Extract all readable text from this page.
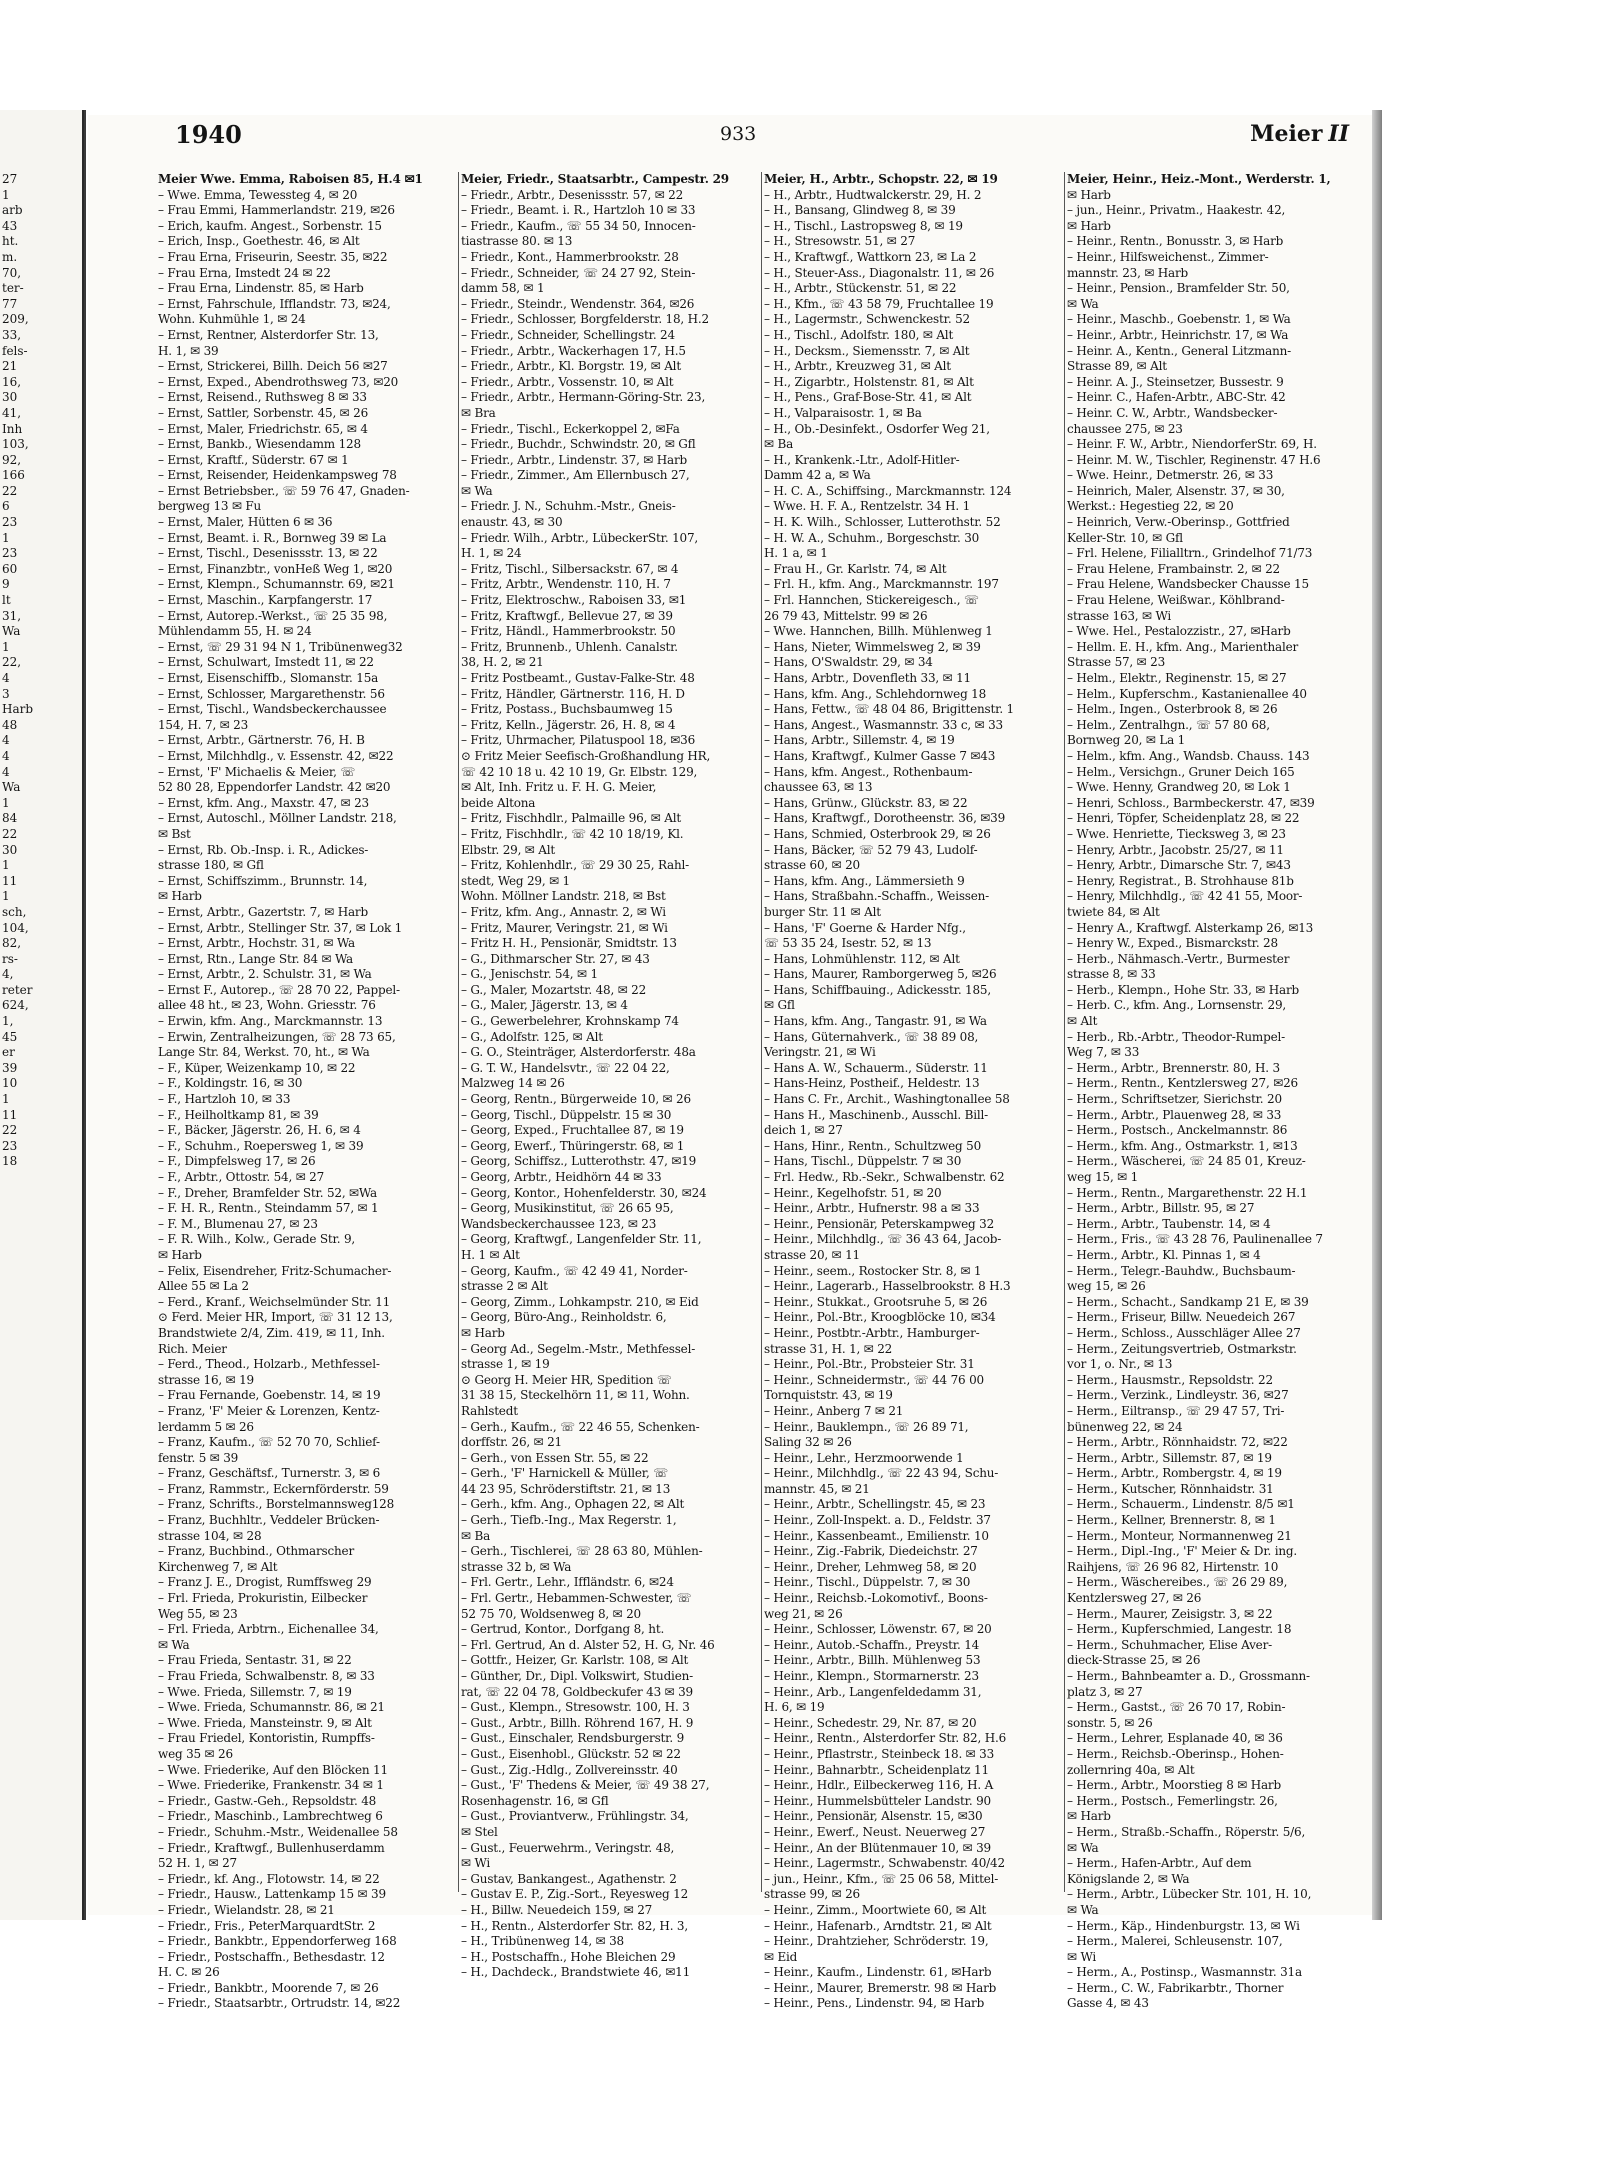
27
1
arb
43
ht.
m.
70,
ter-
77
209,
33,
fels-
21
16,
30
41,
Inh
103,
92,
166
22
6
23
1
23
60
9
lt
31,
Wa
1
22,
4
3
Harb
48
4
4
4
Wa
1
84
22
30
1
11
1
sch,
104,
82,
rs-
4,
reter
624,
1,
45
er
39
10
1
11
22
23
18
1940	933	Meier II
Meier Wwe. Emma, Raboisen 85, H.4 ✉1
– Wwe. Emma, Tewessteg 4, ✉ 20
– Frau Emmi, Hammerlandstr. 219, ✉26
– Erich, kaufm. Angest., Sorbenstr. 15
– Erich, Insp., Goethestr. 46, ✉ Alt
– Frau Erna, Friseurin, Seestr. 35, ✉22
– Frau Erna, Imstedt 24 ✉ 22
– Frau Erna, Lindenstr. 85, ✉ Harb
– Ernst, Fahrschule, Ifflandstr. 73, ✉24,
Wohn. Kuhmühle 1, ✉ 24
– Ernst, Rentner, Alsterdorfer Str. 13,
H. 1, ✉ 39
– Ernst, Strickerei, Billh. Deich 56 ✉27
– Ernst, Exped., Abendrothsweg 73, ✉20
– Ernst, Reisend., Ruthsweg 8 ✉ 33
– Ernst, Sattler, Sorbenstr. 45, ✉ 26
– Ernst, Maler, Friedrichstr. 65, ✉ 4
– Ernst, Bankb., Wiesendamm 128
– Ernst, Kraftf., Süderstr. 67 ✉ 1
– Ernst, Reisender, Heidenkampsweg 78
– Ernst Betriebsber., ☏ 59 76 47, Gnaden-
bergweg 13 ✉ Fu
– Ernst, Maler, Hütten 6 ✉ 36
– Ernst, Beamt. i. R., Bornweg 39 ✉ La
– Ernst, Tischl., Desenissstr. 13, ✉ 22
– Ernst, Finanzbtr., vonHeß Weg 1, ✉20
– Ernst, Klempn., Schumannstr. 69, ✉21
– Ernst, Maschin., Karpfangerstr. 17
– Ernst, Autorep.-Werkst., ☏ 25 35 98,
Mühlendamm 55, H. ✉ 24
– Ernst, ☏ 29 31 94 N 1, Tribünenweg32
– Ernst, Schulwart, Imstedt 11, ✉ 22
– Ernst, Eisenschiffb., Slomanstr. 15a
– Ernst, Schlosser, Margarethenstr. 56
– Ernst, Tischl., Wandsbeckerchaussee
154, H. 7, ✉ 23
– Ernst, Arbtr., Gärtnerstr. 76, H. B
– Ernst, Milchhdlg., v. Essenstr. 42, ✉22
– Ernst, 'F' Michaelis & Meier, ☏
52 80 28, Eppendorfer Landstr. 42 ✉20
– Ernst, kfm. Ang., Maxstr. 47, ✉ 23
– Ernst, Autoschl., Möllner Landstr. 218,
✉ Bst
– Ernst, Rb. Ob.-Insp. i. R., Adickes-
strasse 180, ✉ Gfl
– Ernst, Schiffszimm., Brunnstr. 14,
✉ Harb
– Ernst, Arbtr., Gazertstr. 7, ✉ Harb
– Ernst, Arbtr., Stellinger Str. 37, ✉ Lok 1
– Ernst, Arbtr., Hochstr. 31, ✉ Wa
– Ernst, Rtn., Lange Str. 84 ✉ Wa
– Ernst, Arbtr., 2. Schulstr. 31, ✉ Wa
– Ernst F., Autorep., ☏ 28 70 22, Pappel-
allee 48 ht., ✉ 23, Wohn. Griesstr. 76
– Erwin, kfm. Ang., Marckmannstr. 13
– Erwin, Zentralheizungen, ☏ 28 73 65,
Lange Str. 84, Werkst. 70, ht., ✉ Wa
– F., Küper, Weizenkamp 10, ✉ 22
– F., Koldingstr. 16, ✉ 30
– F., Hartzloh 10, ✉ 33
– F., Heilholtkamp 81, ✉ 39
– F., Bäcker, Jägerstr. 26, H. 6, ✉ 4
– F., Schuhm., Roepersweg 1, ✉ 39
– F., Dimpfelsweg 17, ✉ 26
– F., Arbtr., Ottostr. 54, ✉ 27
– F., Dreher, Bramfelder Str. 52, ✉Wa
– F. H. R., Rentn., Steindamm 57, ✉ 1
– F. M., Blumenau 27, ✉ 23
– F. R. Wilh., Kolw., Gerade Str. 9,
✉ Harb
– Felix, Eisendreher, Fritz-Schumacher-
Allee 55 ✉ La 2
– Ferd., Kranf., Weichselmünder Str. 11
⊙ Ferd. Meier HR, Import, ☏ 31 12 13,
Brandstwiete 2/4, Zim. 419, ✉ 11, Inh.
Rich. Meier
– Ferd., Theod., Holzarb., Methfessel-
strasse 16, ✉ 19
– Frau Fernande, Goebenstr. 14, ✉ 19
– Franz, 'F' Meier & Lorenzen, Kentz-
lerdamm 5 ✉ 26
– Franz, Kaufm., ☏ 52 70 70, Schlief-
fenstr. 5 ✉ 39
– Franz, Geschäftsf., Turnerstr. 3, ✉ 6
– Franz, Rammstr., Eckernförderstr. 59
– Franz, Schrifts., Borstelmannsweg128
– Franz, Buchhltr., Veddeler Brücken-
strasse 104, ✉ 28
– Franz, Buchbind., Othmarscher
Kirchenweg 7, ✉ Alt
– Franz J. E., Drogist, Rumffsweg 29
– Frl. Frieda, Prokuristin, Eilbecker
Weg 55, ✉ 23
– Frl. Frieda, Arbtrn., Eichenallee 34,
✉ Wa
– Frau Frieda, Sentastr. 31, ✉ 22
– Frau Frieda, Schwalbenstr. 8, ✉ 33
– Wwe. Frieda, Sillemstr. 7, ✉ 19
– Wwe. Frieda, Schumannstr. 86, ✉ 21
– Wwe. Frieda, Mansteinstr. 9, ✉ Alt
– Frau Friedel, Kontoristin, Rumpffs-
weg 35 ✉ 26
– Wwe. Friederike, Auf den Blöcken 11
– Wwe. Friederike, Frankenstr. 34 ✉ 1
– Friedr., Gastw.-Geh., Repsoldstr. 48
– Friedr., Maschinb., Lambrechtweg 6
– Friedr., Schuhm.-Mstr., Weidenallee 58
– Friedr., Kraftwgf., Bullenhuserdamm
52 H. 1, ✉ 27
– Friedr., kf. Ang., Flotowstr. 14, ✉ 22
– Friedr., Hausw., Lattenkamp 15 ✉ 39
– Friedr., Wielandstr. 28, ✉ 21
– Friedr., Fris., PeterMarquardtStr. 2
– Friedr., Bankbtr., Eppendorferweg 168
– Friedr., Postschaffn., Bethesdastr. 12
H. C. ✉ 26
– Friedr., Bankbtr., Moorende 7, ✉ 26
– Friedr., Staatsarbtr., Ortrudstr. 14, ✉22
Meier, Friedr., Staatsarbtr., Campestr. 29
– Friedr., Arbtr., Desenissstr. 57, ✉ 22
– Friedr., Beamt. i. R., Hartzloh 10 ✉ 33
– Friedr., Kaufm., ☏ 55 34 50, Innocen-
tiastrasse 80. ✉ 13
– Friedr., Kont., Hammerbrookstr. 28
– Friedr., Schneider, ☏ 24 27 92, Stein-
damm 58, ✉ 1
– Friedr., Steindr., Wendenstr. 364, ✉26
– Friedr., Schlosser, Borgfelderstr. 18, H.2
– Friedr., Schneider, Schellingstr. 24
– Friedr., Arbtr., Wackerhagen 17, H.5
– Friedr., Arbtr., Kl. Borgstr. 19, ✉ Alt
– Friedr., Arbtr., Vossenstr. 10, ✉ Alt
– Friedr., Arbtr., Hermann-Göring-Str. 23,
✉ Bra
– Friedr., Tischl., Eckerkoppel 2, ✉Fa
– Friedr., Buchdr., Schwindstr. 20, ✉ Gfl
– Friedr., Arbtr., Lindenstr. 37, ✉ Harb
– Friedr., Zimmer., Am Ellernbusch 27,
✉ Wa
– Friedr. J. N., Schuhm.-Mstr., Gneis-
enaustr. 43, ✉ 30
– Friedr. Wilh., Arbtr., LübeckerStr. 107,
H. 1, ✉ 24
– Fritz, Tischl., Silbersackstr. 67, ✉ 4
– Fritz, Arbtr., Wendenstr. 110, H. 7
– Fritz, Elektroschw., Raboisen 33, ✉1
– Fritz, Kraftwgf., Bellevue 27, ✉ 39
– Fritz, Händl., Hammerbrookstr. 50
– Fritz, Brunnenb., Uhlenh. Canalstr.
38, H. 2, ✉ 21
– Fritz Postbeamt., Gustav-Falke-Str. 48
– Fritz, Händler, Gärtnerstr. 116, H. D
– Fritz, Postass., Buchsbaumweg 15
– Fritz, Kelln., Jägerstr. 26, H. 8, ✉ 4
– Fritz, Uhrmacher, Pilatuspool 18, ✉36
⊙ Fritz Meier Seefisch-Großhandlung HR,
☏ 42 10 18 u. 42 10 19, Gr. Elbstr. 129,
✉ Alt, Inh. Fritz u. F. H. G. Meier,
beide Altona
– Fritz, Fischhdlr., Palmaille 96, ✉ Alt
– Fritz, Fischhdlr., ☏ 42 10 18/19, Kl.
Elbstr. 29, ✉ Alt
– Fritz, Kohlenhdlr., ☏ 29 30 25, Rahl-
stedt, Weg 29, ✉ 1
Wohn. Möllner Landstr. 218, ✉ Bst
– Fritz, kfm. Ang., Annastr. 2, ✉ Wi
– Fritz, Maurer, Veringstr. 21, ✉ Wi
– Fritz H. H., Pensionär, Smidtstr. 13
– G., Dithmarscher Str. 27, ✉ 43
– G., Jenischstr. 54, ✉ 1
– G., Maler, Mozartstr. 48, ✉ 22
– G., Maler, Jägerstr. 13, ✉ 4
– G., Gewerbelehrer, Krohnskamp 74
– G., Adolfstr. 125, ✉ Alt
– G. O., Steinträger, Alsterdorferstr. 48a
– G. T. W., Handelsvtr., ☏ 22 04 22,
Malzweg 14 ✉ 26
– Georg, Rentn., Bürgerweide 10, ✉ 26
– Georg, Tischl., Düppelstr. 15 ✉ 30
– Georg, Exped., Fruchtallee 87, ✉ 19
– Georg, Ewerf., Thüringerstr. 68, ✉ 1
– Georg, Schiffsz., Lutterothstr. 47, ✉19
– Georg, Arbtr., Heidhörn 44 ✉ 33
– Georg, Kontor., Hohenfelderstr. 30, ✉24
– Georg, Musikinstitut, ☏ 26 65 95,
Wandsbeckerchaussee 123, ✉ 23
– Georg, Kraftwgf., Langenfelder Str. 11,
H. 1 ✉ Alt
– Georg, Kaufm., ☏ 42 49 41, Norder-
strasse 2 ✉ Alt
– Georg, Zimm., Lohkampstr. 210, ✉ Eid
– Georg, Büro-Ang., Reinholdstr. 6,
✉ Harb
– Georg Ad., Segelm.-Mstr., Methfessel-
strasse 1, ✉ 19
⊙ Georg H. Meier HR, Spedition ☏
31 38 15, Steckelhörn 11, ✉ 11, Wohn.
Rahlstedt
– Gerh., Kaufm., ☏ 22 46 55, Schenken-
dorffstr. 26, ✉ 21
– Gerh., von Essen Str. 55, ✉ 22
– Gerh., 'F' Harnickell & Müller, ☏
44 23 95, Schröderstiftstr. 21, ✉ 13
– Gerh., kfm. Ang., Ophagen 22, ✉ Alt
– Gerh., Tiefb.-Ing., Max Regerstr. 1,
✉ Ba
– Gerh., Tischlerei, ☏ 28 63 80, Mühlen-
strasse 32 b, ✉ Wa
– Frl. Gertr., Lehr., Iffländstr. 6, ✉24
– Frl. Gertr., Hebammen-Schwester, ☏
52 75 70, Woldsenweg 8, ✉ 20
– Gertrud, Kontor., Dorfgang 8, ht.
– Frl. Gertrud, An d. Alster 52, H. G, Nr. 46
– Gottfr., Heizer, Gr. Karlstr. 108, ✉ Alt
– Günther, Dr., Dipl. Volkswirt, Studien-
rat, ☏ 22 04 78, Goldbeckufer 43 ✉ 39
– Gust., Klempn., Stresowstr. 100, H. 3
– Gust., Arbtr., Billh. Röhrend 167, H. 9
– Gust., Einschaler, Rendsburgerstr. 9
– Gust., Eisenhobl., Glückstr. 52 ✉ 22
– Gust., Zig.-Hdlg., Zollvereinsstr. 40
– Gust., 'F' Thedens & Meier, ☏ 49 38 27,
Rosenhagenstr. 16, ✉ Gfl
– Gust., Proviantverw., Frühlingstr. 34,
✉ Stel
– Gust., Feuerwehrm., Veringstr. 48,
✉ Wi
– Gustav, Bankangest., Agathenstr. 2
– Gustav E. P., Zig.-Sort., Reyesweg 12
– H., Billw. Neuedeich 159, ✉ 27
– H., Rentn., Alsterdorfer Str. 82, H. 3,
– H., Tribünenweg 14, ✉ 38
– H., Postschaffn., Hohe Bleichen 29
– H., Dachdeck., Brandstwiete 46, ✉11
Meier, H., Arbtr., Schopstr. 22, ✉ 19
– H., Arbtr., Hudtwalckerstr. 29, H. 2
– H., Bansang, Glindweg 8, ✉ 39
– H., Tischl., Lastropsweg 8, ✉ 19
– H., Stresowstr. 51, ✉ 27
– H., Kraftwgf., Wattkorn 23, ✉ La 2
– H., Steuer-Ass., Diagonalstr. 11, ✉ 26
– H., Arbtr., Stückenstr. 51, ✉ 22
– H., Kfm., ☏ 43 58 79, Fruchtallee 19
– H., Lagermstr., Schwenckestr. 52
– H., Tischl., Adolfstr. 180, ✉ Alt
– H., Decksm., Siemensstr. 7, ✉ Alt
– H., Arbtr., Kreuzweg 31, ✉ Alt
– H., Zigarbtr., Holstenstr. 81, ✉ Alt
– H., Pens., Graf-Bose-Str. 41, ✉ Alt
– H., Valparaisostr. 1, ✉ Ba
– H., Ob.-Desinfekt., Osdorfer Weg 21,
✉ Ba
– H., Krankenk.-Ltr., Adolf-Hitler-
Damm 42 a, ✉ Wa
– H. C. A., Schiffsing., Marckmannstr. 124
– Wwe. H. F. A., Rentzelstr. 34 H. 1
– H. K. Wilh., Schlosser, Lutterothstr. 52
– H. W. A., Schuhm., Borgeschstr. 30
H. 1 a, ✉ 1
– Frau H., Gr. Karlstr. 74, ✉ Alt
– Frl. H., kfm. Ang., Marckmannstr. 197
– Frl. Hannchen, Stickereigesch., ☏
26 79 43, Mittelstr. 99 ✉ 26
– Wwe. Hannchen, Billh. Mühlenweg 1
– Hans, Nieter, Wimmelsweg 2, ✉ 39
– Hans, O'Swaldstr. 29, ✉ 34
– Hans, Arbtr., Dovenfleth 33, ✉ 11
– Hans, kfm. Ang., Schlehdornweg 18
– Hans, Fettw., ☏ 48 04 86, Brigittenstr. 1
– Hans, Angest., Wasmannstr. 33 c, ✉ 33
– Hans, Arbtr., Sillemstr. 4, ✉ 19
– Hans, Kraftwgf., Kulmer Gasse 7 ✉43
– Hans, kfm. Angest., Rothenbaum-
chaussee 63, ✉ 13
– Hans, Grünw., Glückstr. 83, ✉ 22
– Hans, Kraftwgf., Dorotheenstr. 36, ✉39
– Hans, Schmied, Osterbrook 29, ✉ 26
– Hans, Bäcker, ☏ 52 79 43, Ludolf-
strasse 60, ✉ 20
– Hans, kfm. Ang., Lämmersieth 9
– Hans, Straßbahn.-Schaffn., Weissen-
burger Str. 11 ✉ Alt
– Hans, 'F' Goerne & Harder Nfg.,
☏ 53 35 24, Isestr. 52, ✉ 13
– Hans, Lohmühlenstr. 112, ✉ Alt
– Hans, Maurer, Ramborgerweg 5, ✉26
– Hans, Schiffbauing., Adickesstr. 185,
✉ Gfl
– Hans, kfm. Ang., Tangastr. 91, ✉ Wa
– Hans, Güternahverk., ☏ 38 89 08,
Veringstr. 21, ✉ Wi
– Hans A. W., Schauerm., Süderstr. 11
– Hans-Heinz, Postheif., Heldestr. 13
– Hans C. Fr., Archit., Washingtonallee 58
– Hans H., Maschinenb., Ausschl. Bill-
deich 1, ✉ 27
– Hans, Hinr., Rentn., Schultzweg 50
– Hans, Tischl., Düppelstr. 7 ✉ 30
– Frl. Hedw., Rb.-Sekr., Schwalbenstr. 62
– Heinr., Kegelhofstr. 51, ✉ 20
– Heinr., Arbtr., Hufnerstr. 98 a ✉ 33
– Heinr., Pensionär, Peterskampweg 32
– Heinr., Milchhdlg., ☏ 36 43 64, Jacob-
strasse 20, ✉ 11
– Heinr., seem., Rostocker Str. 8, ✉ 1
– Heinr., Lagerarb., Hasselbrookstr. 8 H.3
– Heinr., Stukkat., Grootsruhe 5, ✉ 26
– Heinr., Pol.-Btr., Kroogblöcke 10, ✉34
– Heinr., Postbtr.-Arbtr., Hamburger-
strasse 31, H. 1, ✉ 22
– Heinr., Pol.-Btr., Probsteier Str. 31
– Heinr., Schneidermstr., ☏ 44 76 00
Tornquiststr. 43, ✉ 19
– Heinr., Anberg 7 ✉ 21
– Heinr., Bauklempn., ☏ 26 89 71,
Saling 32 ✉ 26
– Heinr., Lehr., Herzmoorwende 1
– Heinr., Milchhdlg., ☏ 22 43 94, Schu-
mannstr. 45, ✉ 21
– Heinr., Arbtr., Schellingstr. 45, ✉ 23
– Heinr., Zoll-Inspekt. a. D., Feldstr. 37
– Heinr., Kassenbeamt., Emilienstr. 10
– Heinr., Zig.-Fabrik, Diedeichstr. 27
– Heinr., Dreher, Lehmweg 58, ✉ 20
– Heinr., Tischl., Düppelstr. 7, ✉ 30
– Heinr., Reichsb.-Lokomotivf., Boons-
weg 21, ✉ 26
– Heinr., Schlosser, Löwenstr. 67, ✉ 20
– Heinr., Autob.-Schaffn., Preystr. 14
– Heinr., Arbtr., Billh. Mühlenweg 53
– Heinr., Klempn., Stormarnerstr. 23
– Heinr., Arb., Langenfeldedamm 31,
H. 6, ✉ 19
– Heinr., Schedestr. 29, Nr. 87, ✉ 20
– Heinr., Rentn., Alsterdorfer Str. 82, H.6
– Heinr., Pflastrstr., Steinbeck 18. ✉ 33
– Heinr., Bahnarbtr., Scheidenplatz 11
– Heinr., Hdlr., Eilbeckerweg 116, H. A
– Heinr., Hummelsbütteler Landstr. 90
– Heinr., Pensionär, Alsenstr. 15, ✉30
– Heinr., Ewerf., Neust. Neuerweg 27
– Heinr., An der Blütenmauer 10, ✉ 39
– Heinr., Lagermstr., Schwabenstr. 40/42
– jun., Heinr., Kfm., ☏ 25 06 58, Mittel-
strasse 99, ✉ 26
– Heinr., Zimm., Moortwiete 60, ✉ Alt
– Heinr., Hafenarb., Arndtstr. 21, ✉ Alt
– Heinr., Drahtzieher, Schröderstr. 19,
✉ Eid
– Heinr., Kaufm., Lindenstr. 61, ✉Harb
– Heinr., Maurer, Bremerstr. 98 ✉ Harb
– Heinr., Pens., Lindenstr. 94, ✉ Harb
Meier, Heinr., Heiz.-Mont., Werderstr. 1,
✉ Harb
– jun., Heinr., Privatm., Haakestr. 42,
✉ Harb
– Heinr., Rentn., Bonusstr. 3, ✉ Harb
– Heinr., Hilfsweichenst., Zimmer-
mannstr. 23, ✉ Harb
– Heinr., Pension., Bramfelder Str. 50,
✉ Wa
– Heinr., Maschb., Goebenstr. 1, ✉ Wa
– Heinr., Arbtr., Heinrichstr. 17, ✉ Wa
– Heinr. A., Kentn., General Litzmann-
Strasse 89, ✉ Alt
– Heinr. A. J., Steinsetzer, Bussestr. 9
– Heinr. C., Hafen-Arbtr., ABC-Str. 42
– Heinr. C. W., Arbtr., Wandsbecker-
chaussee 275, ✉ 23
– Heinr. F. W., Arbtr., NiendorferStr. 69, H.
– Heinr. M. W., Tischler, Reginenstr. 47 H.6
– Wwe. Heinr., Detmerstr. 26, ✉ 33
– Heinrich, Maler, Alsenstr. 37, ✉ 30,
Werkst.: Hegestieg 22, ✉ 20
– Heinrich, Verw.-Oberinsp., Gottfried
Keller-Str. 10, ✉ Gfl
– Frl. Helene, Filialltrn., Grindelhof 71/73
– Frau Helene, Frambainstr. 2, ✉ 22
– Frau Helene, Wandsbecker Chausse 15
– Frau Helene, Weißwar., Köhlbrand-
strasse 163, ✉ Wi
– Wwe. Hel., Pestalozzistr., 27, ✉Harb
– Hellm. E. H., kfm. Ang., Marienthaler
Strasse 57, ✉ 23
– Helm., Elektr., Reginenstr. 15, ✉ 27
– Helm., Kupferschm., Kastanienallee 40
– Helm., Ingen., Osterbrook 8, ✉ 26
– Helm., Zentralhgn., ☏ 57 80 68,
Bornweg 20, ✉ La 1
– Helm., kfm. Ang., Wandsb. Chauss. 143
– Helm., Versichgn., Gruner Deich 165
– Wwe. Henny, Grandweg 20, ✉ Lok 1
– Henri, Schloss., Barmbeckerstr. 47, ✉39
– Henri, Töpfer, Scheidenplatz 28, ✉ 22
– Wwe. Henriette, Tiecksweg 3, ✉ 23
– Henry, Arbtr., Jacobstr. 25/27, ✉ 11
– Henry, Arbtr., Dimarsche Str. 7, ✉43
– Henry, Registrat., B. Strohhause 81b
– Henry, Milchhdlg., ☏ 42 41 55, Moor-
twiete 84, ✉ Alt
– Henry A., Kraftwgf. Alsterkamp 26, ✉13
– Henry W., Exped., Bismarckstr. 28
– Herb., Nähmasch.-Vertr., Burmester
strasse 8, ✉ 33
– Herb., Klempn., Hohe Str. 33, ✉ Harb
– Herb. C., kfm. Ang., Lornsenstr. 29,
✉ Alt
– Herb., Rb.-Arbtr., Theodor-Rumpel-
Weg 7, ✉ 33
– Herm., Arbtr., Brennerstr. 80, H. 3
– Herm., Rentn., Kentzlersweg 27, ✉26
– Herm., Schriftsetzer, Sierichstr. 20
– Herm., Arbtr., Plauenweg 28, ✉ 33
– Herm., Postsch., Anckelmannstr. 86
– Herm., kfm. Ang., Ostmarkstr. 1, ✉13
– Herm., Wäscherei, ☏ 24 85 01, Kreuz-
weg 15, ✉ 1
– Herm., Rentn., Margarethenstr. 22 H.1
– Herm., Arbtr., Billstr. 95, ✉ 27
– Herm., Arbtr., Taubenstr. 14, ✉ 4
– Herm., Fris., ☏ 43 28 76, Paulinenallee 7
– Herm., Arbtr., Kl. Pinnas 1, ✉ 4
– Herm., Telegr.-Bauhdw., Buchsbaum-
weg 15, ✉ 26
– Herm., Schacht., Sandkamp 21 E, ✉ 39
– Herm., Friseur, Billw. Neuedeich 267
– Herm., Schloss., Ausschläger Allee 27
– Herm., Zeitungsvertrieb, Ostmarkstr.
vor 1, o. Nr., ✉ 13
– Herm., Hausmstr., Repsoldstr. 22
– Herm., Verzink., Lindleystr. 36, ✉27
– Herm., Eiltransp., ☏ 29 47 57, Tri-
bünenweg 22, ✉ 24
– Herm., Arbtr., Rönnhaidstr. 72, ✉22
– Herm., Arbtr., Sillemstr. 87, ✉ 19
– Herm., Arbtr., Rombergstr. 4, ✉ 19
– Herm., Kutscher, Rönnhaidstr. 31
– Herm., Schauerm., Lindenstr. 8/5 ✉1
– Herm., Kellner, Brennerstr. 8, ✉ 1
– Herm., Monteur, Normannenweg 21
– Herm., Dipl.-Ing., 'F' Meier & Dr. ing.
Raihjens, ☏ 26 96 82, Hirtenstr. 10
– Herm., Wäschereibes., ☏ 26 29 89,
Kentzlersweg 27, ✉ 26
– Herm., Maurer, Zeisigstr. 3, ✉ 22
– Herm., Kupferschmied, Langestr. 18
– Herm., Schuhmacher, Elise Aver-
dieck-Strasse 25, ✉ 26
– Herm., Bahnbeamter a. D., Grossmann-
platz 3, ✉ 27
– Herm., Gastst., ☏ 26 70 17, Robin-
sonstr. 5, ✉ 26
– Herm., Lehrer, Esplanade 40, ✉ 36
– Herm., Reichsb.-Oberinsp., Hohen-
zollernring 40a, ✉ Alt
– Herm., Arbtr., Moorstieg 8 ✉ Harb
– Herm., Postsch., Femerlingstr. 26,
✉ Harb
– Herm., Straßb.-Schaffn., Röperstr. 5/6,
✉ Wa
– Herm., Hafen-Arbtr., Auf dem
Königslande 2, ✉ Wa
– Herm., Arbtr., Lübecker Str. 101, H. 10,
✉ Wa
– Herm., Käp., Hindenburgstr. 13, ✉ Wi
– Herm., Malerei, Schleusenstr. 107,
✉ Wi
– Herm., A., Postinsp., Wasmannstr. 31a
– Herm., C. W., Fabrikarbtr., Thorner
Gasse 4, ✉ 43
